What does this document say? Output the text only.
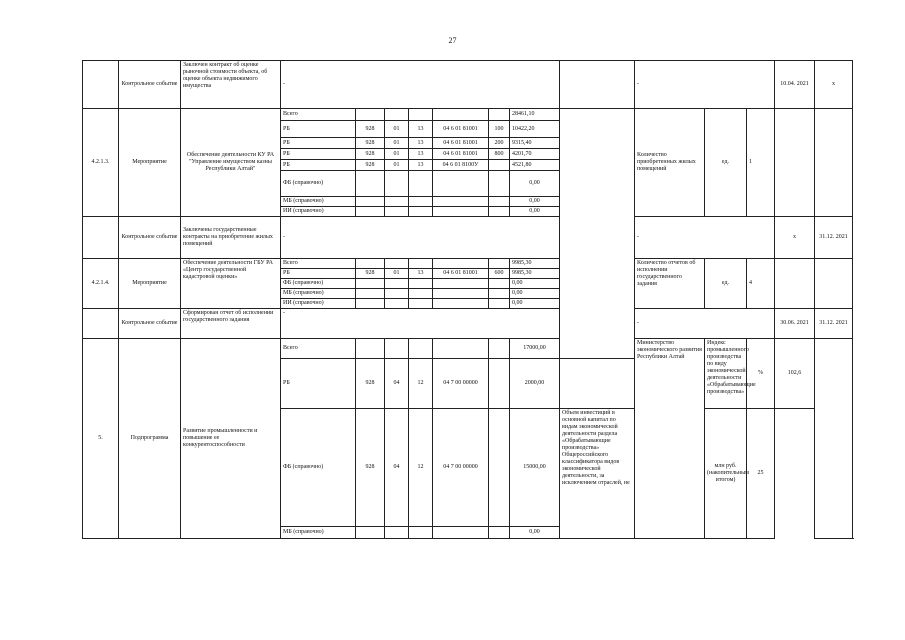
27
	Контрольное событие	Заключен контракт об оценке рыночной стоимости объекта, об оценке объекта недвижимого имущества	-								-			10.04. 2021	x
4.2.1.3.	Мероприятие	Обеспечение деятельности КУ РА "Управление имуществом казны Республики Алтай"	Всего						28461,10		Количество приобретенных жилых помещений	ед.	1		
			РБ	928	01	13	04 6 01 81001	100	10422,20						
			РБ	928	01	13	04 6 01 81001	200	9315,40						
			РБ	928	01	13	04 6 01 81001	800	4201,70						
			РБ	928	01	13	04 6 01 8100У		4521,80						
			ФБ (справочно)						0,00						
			МБ (справочно)						0,00						
			ИИ (справочно)						0,00						
	Контрольное событие	Заключены государственные контракты на приобретение жилых помещений	-								-			x	31.12. 2021
4.2.1.4.	Мероприятие	Обеспечение деятельности ГБУ РА «Центр государственной кадастровой оценки»	Всего						9985,30		Количество отчетов об исполнении государственного задания	ед.	4		
			РБ	928	01	13	04 6 01 81001	600	9985,30						
			ФБ (справочно)						0,00						
			МБ (справочно)						0,00						
			ИИ (справочно)						0,00						
	Контрольное событие	Сформирован отчет об исполнении государственного задания	-								-			30.06. 2021	31.12. 2021
5.	Подпрограмма	Развитие промышленности и повышение ее конкурентоспособности	Всего						17000,00		Министерство экономического развития Республики Алтай	Индекс промышленного производства по виду экономической деятельности «Обрабатывающие производства»	%	102,6	
			РБ	928	04	12	04 7 00 00000		2000,00						
			ФБ (справочно)	928	04	12	04 7 00 00000		15000,00	Объем инвестиций в основной капитал по видам экономической деятельности раздела «Обрабатывающие производства» Общероссийского классификатора видов экономической деятельности, за исключением отраслей, не		млн руб. (накопительным итогом)	25		
			МБ (справочно)						0,00						
